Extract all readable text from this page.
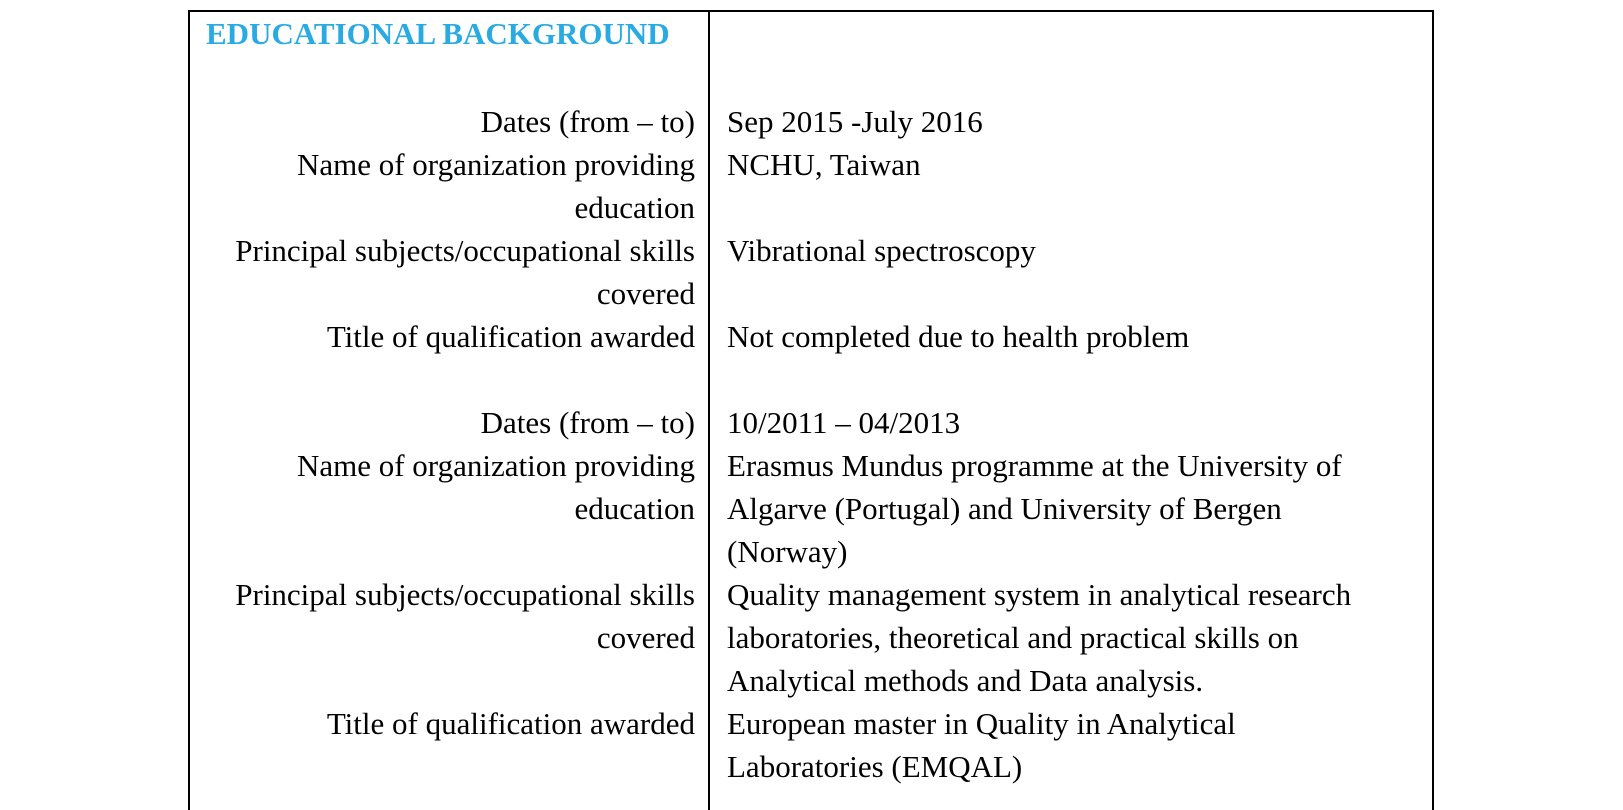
EDUCATIONAL BACKGROUND
Dates (from – to) Sep 2015 -July 2016
Name of organization providing education
NCHU, Taiwan
Principal subjects/occupational skills covered
Vibrational spectroscopy
Title of qualification awarded Not completed due to health problem
Dates (from – to) 10/2011 – 04/2013
Name of organization providing education
Erasmus Mundus programme at the University of Algarve (Portugal) and University of Bergen (Norway)
Principal subjects/occupational skills covered
Quality management system in analytical research laboratories, theoretical and practical skills on Analytical methods and Data analysis.
Title of qualification awarded European master in Quality in Analytical Laboratories (EMQAL)
